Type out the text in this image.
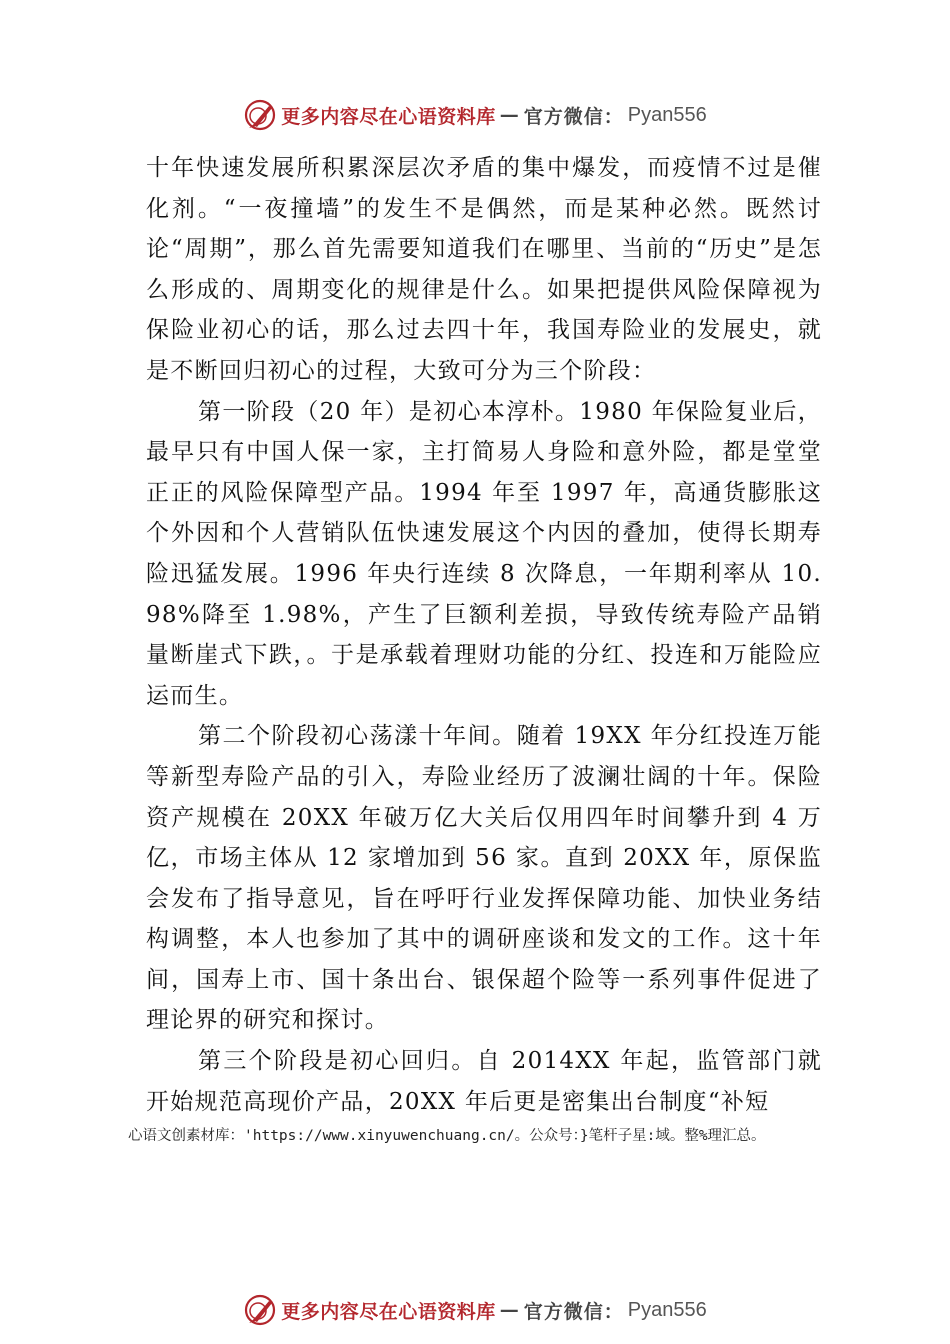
更多内容尽在心语资料库 — 官方微信： Pyan556

十年快速发展所积累深层次矛盾的集中爆发，而疫情不过是催化剂。“一夜撞墙”的发生不是偶然，而是某种必然。既然讨论“周期”，那么首先需要知道我们在哪里、当前的“历史”是怎么形成的、周期变化的规律是什么。如果把提供风险保障视为保险业初心的话，那么过去四十年，我国寿险业的发展史，就是不断回归初心的过程，大致可分为三个阶段：

第一阶段（20 年）是初心本淳朴。1980 年保险复业后，最早只有中国人保一家，主打简易人身险和意外险，都是堂堂正正的风险保障型产品。1994 年至 1997 年，高通货膨胀这个外因和个人营销队伍快速发展这个内因的叠加，使得长期寿险迅猛发展。1996 年央行连续 8 次降息，一年期利率从 10.98%降至 1.98%，产生了巨额利差损，导致传统寿险产品销量断崖式下跌，。于是承载着理财功能的分红、投连和万能险应运而生。

第二个阶段初心荡漾十年间。随着 19XX 年分红投连万能等新型寿险产品的引入，寿险业经历了波澜壮阔的十年。保险资产规模在 20XX 年破万亿大关后仅用四年时间攀升到 4 万亿，市场主体从 12 家增加到 56 家。直到 20XX 年，原保监会发布了指导意见，旨在呼吁行业发挥保障功能、加快业务结构调整，本人也参加了其中的调研座谈和发文的工作。这十年间，国寿上市、国十条出台、银保超个险等一系列事件促进了理论界的研究和探讨。

第三个阶段是初心回归。自 2014XX 年起，监管部门就开始规范高现价产品，20XX 年后更是密集出台制度“补短

心语文创素材库：'https://www.xinyuwenchuang.cn/。公众号：}笔杆子星:域。整%理汇总。
更多内容尽在心语资料库 — 官方微信： Pyan556
